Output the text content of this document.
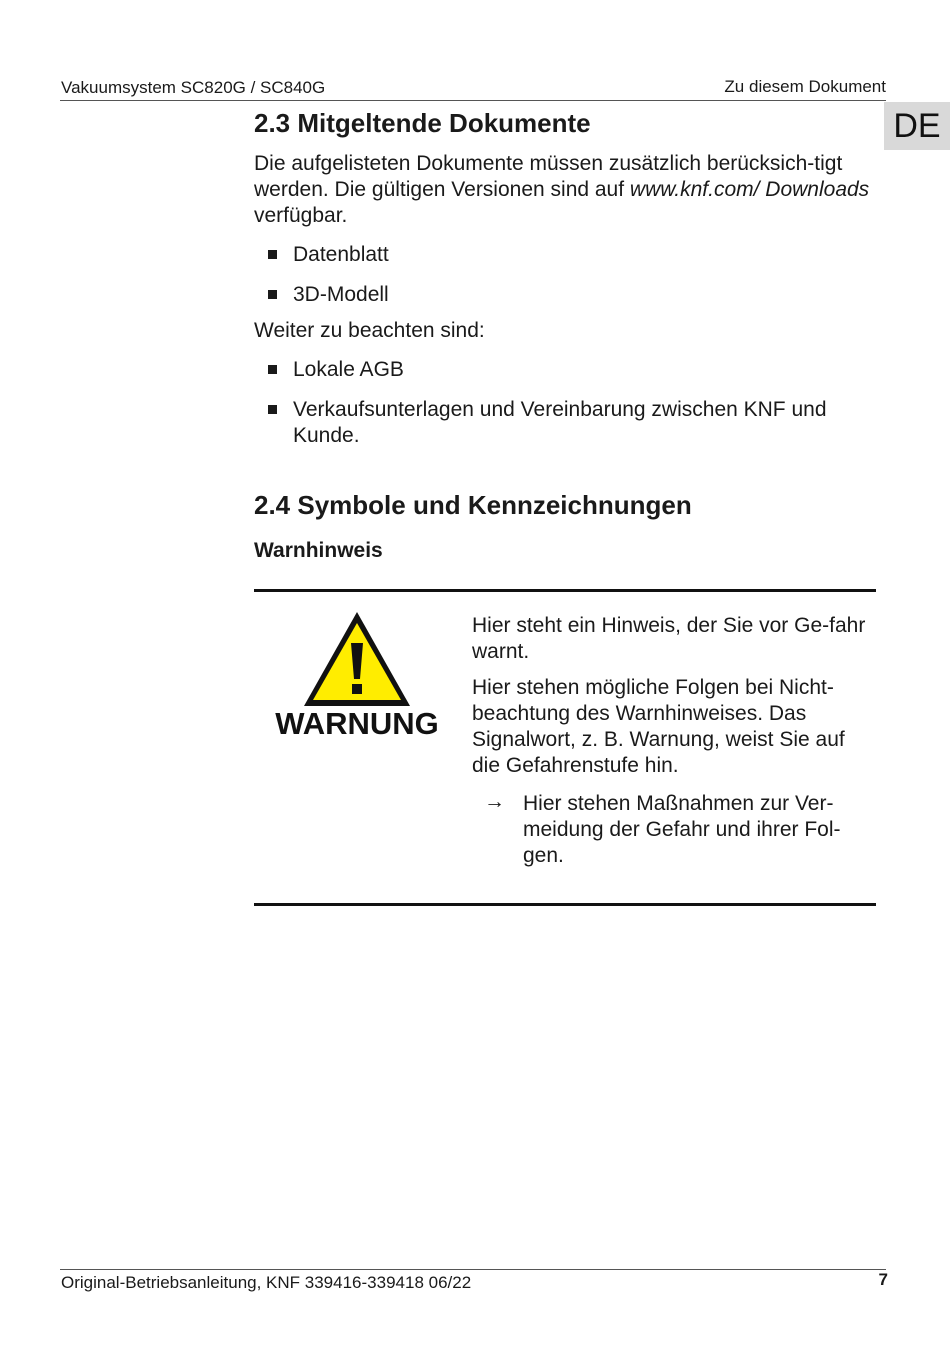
Vakuumsystem SC820G / SC840G	Zu diesem Dokument
DE
2.3 Mitgeltende Dokumente
Die aufgelisteten Dokumente müssen zusätzlich berücksich-tigt werden. Die gültigen Versionen sind auf www.knf.com/ Downloads verfügbar.
Datenblatt
3D-Modell
Weiter zu beachten sind:
Lokale AGB
Verkaufsunterlagen und Vereinbarung zwischen KNF und Kunde.
2.4 Symbole und Kennzeichnungen
Warnhinweis
WARNUNG
Hier steht ein Hinweis, der Sie vor Ge-fahr warnt.
Hier stehen mögliche Folgen bei Nicht-beachtung des Warnhinweises. Das Signalwort, z. B. Warnung, weist Sie auf die Gefahrenstufe hin.
→ Hier stehen Maßnahmen zur Ver-meidung der Gefahr und ihrer Fol-gen.
Original-Betriebsanleitung, KNF 339416-339418 06/22	7
